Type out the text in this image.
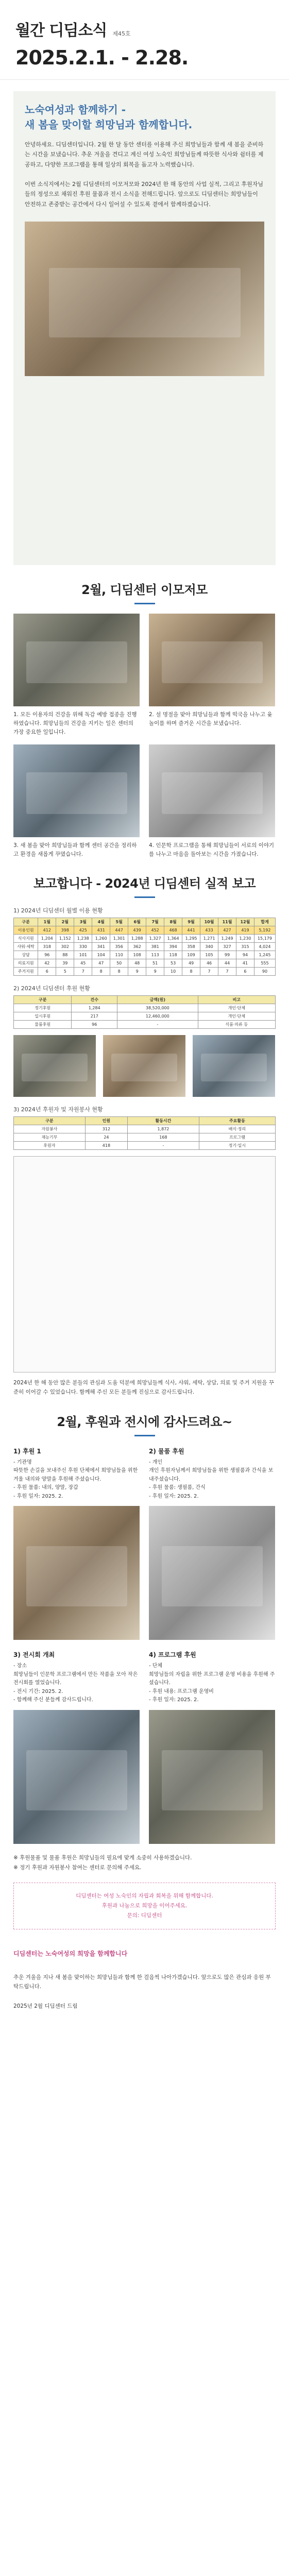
월간 디딤소식 제45호
2025.2.1. - 2.28.
노숙여성과 함께하기 -
새 봄을 맞이할 희망님과 함께합니다.
안녕하세요. 디딤센터입니다. 2월 한 달 동안 센터를 이용해 주신 희망님들과 함께 새 봄을 준비하는 시간을 보냈습니다. 추운 겨울을 견디고 계신 여성 노숙인 희망님들께 따뜻한 식사와 쉼터를 제공하고, 다양한 프로그램을 통해 일상의 회복을 돕고자 노력했습니다.

이번 소식지에서는 2월 디딤센터의 이모저모와 2024년 한 해 동안의 사업 실적, 그리고 후원자님들의 정성으로 채워진 후원 물품과 전시 소식을 전해드립니다. 앞으로도 디딤센터는 희망님들이 안전하고 존중받는 공간에서 다시 일어설 수 있도록 곁에서 함께하겠습니다.
2월, 디딤센터 이모저모
1. 모든 이용자의 건강을 위해 독감 예방 접종을 진행하였습니다. 희망님들의 건강을 지키는 일은 센터의 가장 중요한 일입니다.
2. 설 명절을 맞아 희망님들과 함께 떡국을 나누고 윷놀이를 하며 즐거운 시간을 보냈습니다.
3. 새 봄을 맞아 희망님들과 함께 센터 공간을 정리하고 환경을 새롭게 꾸몄습니다.
4. 인문학 프로그램을 통해 희망님들이 서로의 이야기를 나누고 마음을 돌아보는 시간을 가졌습니다.
보고합니다 - 2024년 디딤센터 실적 보고
1) 2024년 디딤센터 월별 이용 현황
구분	1월	2월	3월	4월	5월	6월	7월	8월	9월	10월	11월	12월	합계
이용인원	412	398	425	431	447	439	452	468	441	433	427	419	5,192
식사지원	1,204	1,152	1,238	1,260	1,301	1,288	1,327	1,364	1,295	1,271	1,249	1,230	15,179
샤워·세탁	318	302	330	341	356	362	381	394	358	340	327	315	4,024
상담	96	88	101	104	110	108	113	118	109	105	99	94	1,245
의료지원	42	39	45	47	50	48	51	53	49	46	44	41	555
주거지원	6	5	7	8	8	9	9	10	8	7	7	6	90
2) 2024년 디딤센터 후원 현황
구분	건수	금액(원)	비고
정기후원	1,284	38,520,000	개인·단체
일시후원	217	12,460,000	개인·단체
물품후원	96	-	식품·의류 등
3) 2024년 후원자 및 자원봉사 현황
구분	인원	활동시간	주요활동
자원봉사	312	1,872	배식·정리
재능기부	24	168	프로그램
후원자	418	-	정기·일시
2024년 한 해 동안 많은 분들의 관심과 도움 덕분에 희망님들께 식사, 샤워, 세탁, 상담, 의료 및 주거 지원을 꾸준히 이어갈 수 있었습니다. 함께해 주신 모든 분들께 진심으로 감사드립니다.
2월, 후원과 전시에 감사드려요~
1) 후원 1
- 기관명
따뜻한 손길을 보내주신 후원 단체에서 희망님들을 위한 겨울 내의와 양말을 후원해 주셨습니다.
- 후원 물품: 내의, 양말, 장갑
- 후원 일자: 2025. 2.
2) 물품 후원
- 개인
개인 후원자님께서 희망님들을 위한 생필품과 간식을 보내주셨습니다.
- 후원 물품: 생필품, 간식
- 후원 일자: 2025. 2.
3) 전시회 개최
- 장소
희망님들이 인문학 프로그램에서 만든 작품을 모아 작은 전시회를 열었습니다.
- 전시 기간: 2025. 2.
- 함께해 주신 분들께 감사드립니다.
4) 프로그램 후원
- 단체
희망님들의 자립을 위한 프로그램 운영 비용을 후원해 주셨습니다.
- 후원 내용: 프로그램 운영비
- 후원 일자: 2025. 2.
※ 후원물품 및 물품 후원은 희망님들의 필요에 맞게 소중히 사용하겠습니다.
※ 정기 후원과 자원봉사 참여는 센터로 문의해 주세요.
디딤센터는 여성 노숙인의 자립과 회복을 위해 함께합니다.
후원과 나눔으로 희망을 이어주세요.
문의: 디딤센터

디딤센터는 노숙여성의 희망을 함께합니다

추운 겨울을 지나 새 봄을 맞이하는 희망님들과 함께 한 걸음씩 나아가겠습니다. 앞으로도 많은 관심과 응원 부탁드립니다.

2025년 2월 디딤센터 드림
